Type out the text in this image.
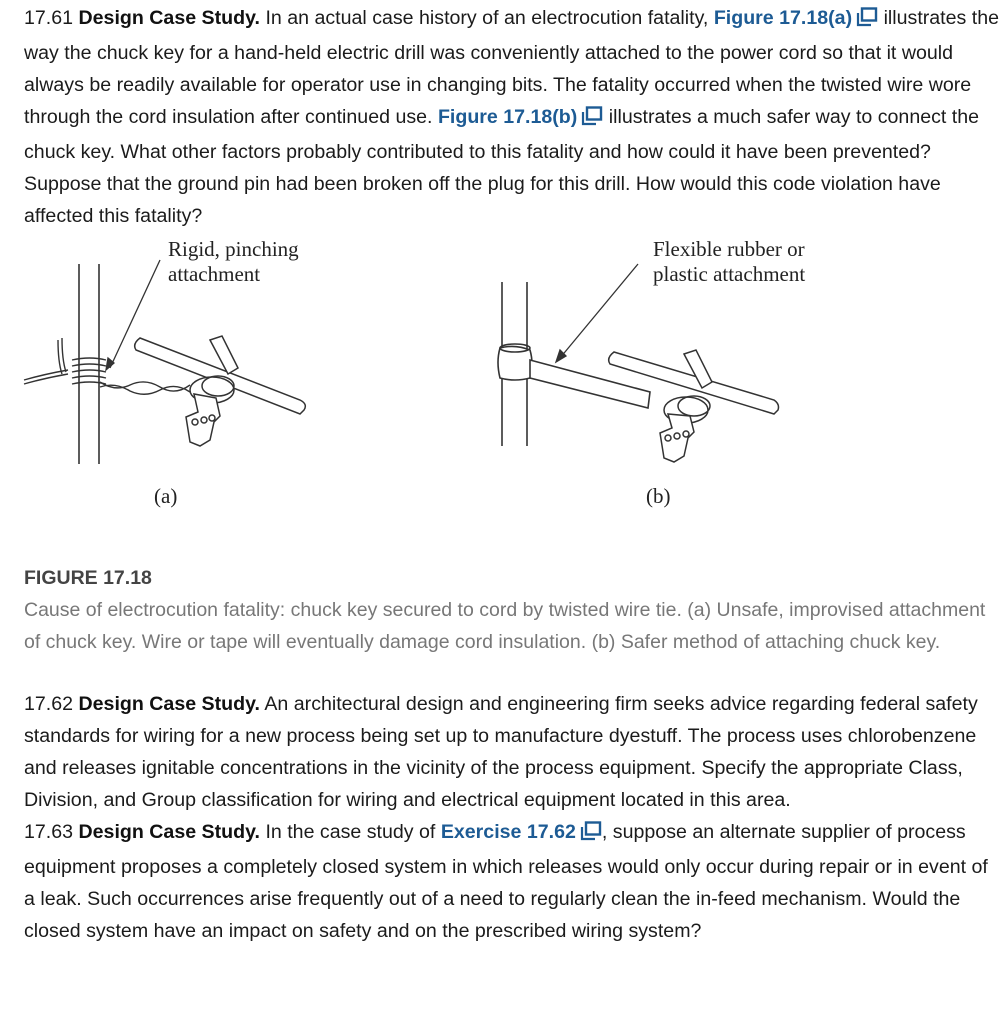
17.61 Design Case Study. In an actual case history of an electrocution fatality, Figure 17.18(a) illustrates the way the chuck key for a hand-held electric drill was conveniently attached to the power cord so that it would always be readily available for operator use in changing bits. The fatality occurred when the twisted wire wore through the cord insulation after continued use. Figure 17.18(b) illustrates a much safer way to connect the chuck key. What other factors probably contributed to this fatality and how could it have been prevented? Suppose that the ground pin had been broken off the plug for this drill. How would this code violation have affected this fatality?

Rigid, pinching
attachment
(a)
Flexible rubber or
plastic attachment
(b)
FIGURE 17.18

Cause of electrocution fatality: chuck key secured to cord by twisted wire tie. (a) Unsafe, improvised attachment of chuck key. Wire or tape will eventually damage cord insulation. (b) Safer method of attaching chuck key.

17.62 Design Case Study. An architectural design and engineering firm seeks advice regarding federal safety standards for wiring for a new process being set up to manufacture dyestuff. The process uses chlorobenzene and releases ignitable concentrations in the vicinity of the process equipment. Specify the appropriate Class, Division, and Group classification for wiring and electrical equipment located in this area.

17.63 Design Case Study. In the case study of Exercise 17.62 , suppose an alternate supplier of process equipment proposes a completely closed system in which releases would only occur during repair or in event of a leak. Such occurrences arise frequently out of a need to regularly clean the in-feed mechanism. Would the closed system have an impact on safety and on the prescribed wiring system?
